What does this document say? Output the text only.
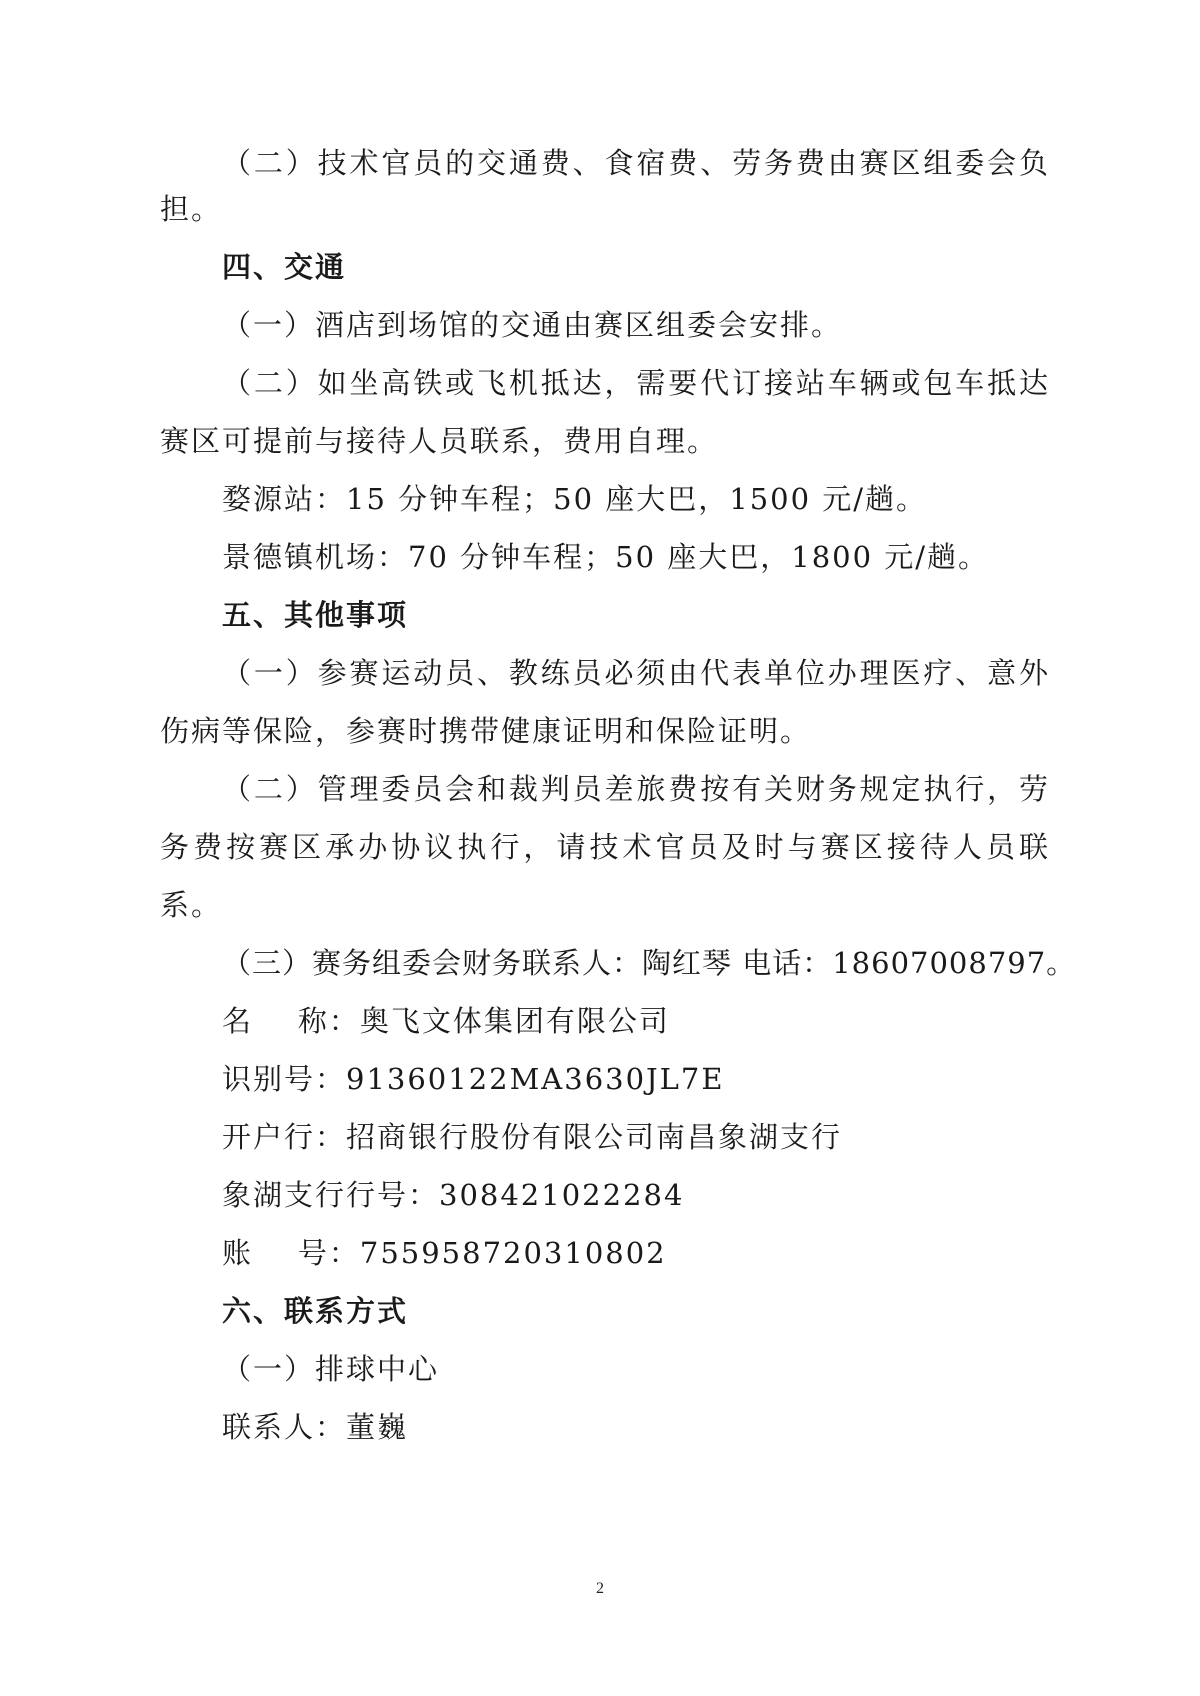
（二）技术官员的交通费、食宿费、劳务费由赛区组委会负
担。
四、交通
（一）酒店到场馆的交通由赛区组委会安排。
（二）如坐高铁或飞机抵达，需要代订接站车辆或包车抵达
赛区可提前与接待人员联系，费用自理。
婺源站：15 分钟车程；50 座大巴，1500 元/趟。
景德镇机场：70 分钟车程；50 座大巴，1800 元/趟。
五、其他事项
（一）参赛运动员、教练员必须由代表单位办理医疗、意外
伤病等保险，参赛时携带健康证明和保险证明。
（二）管理委员会和裁判员差旅费按有关财务规定执行，劳
务费按赛区承办协议执行，请技术官员及时与赛区接待人员联
系。
（三）赛务组委会财务联系人：陶红琴 电话：18607008797。
名    称：奥飞文体集团有限公司
识别号：91360122MA3630JL7E
开户行：招商银行股份有限公司南昌象湖支行
象湖支行行号：308421022284
账    号：755958720310802
六、联系方式
（一）排球中心
联系人：董巍
2
